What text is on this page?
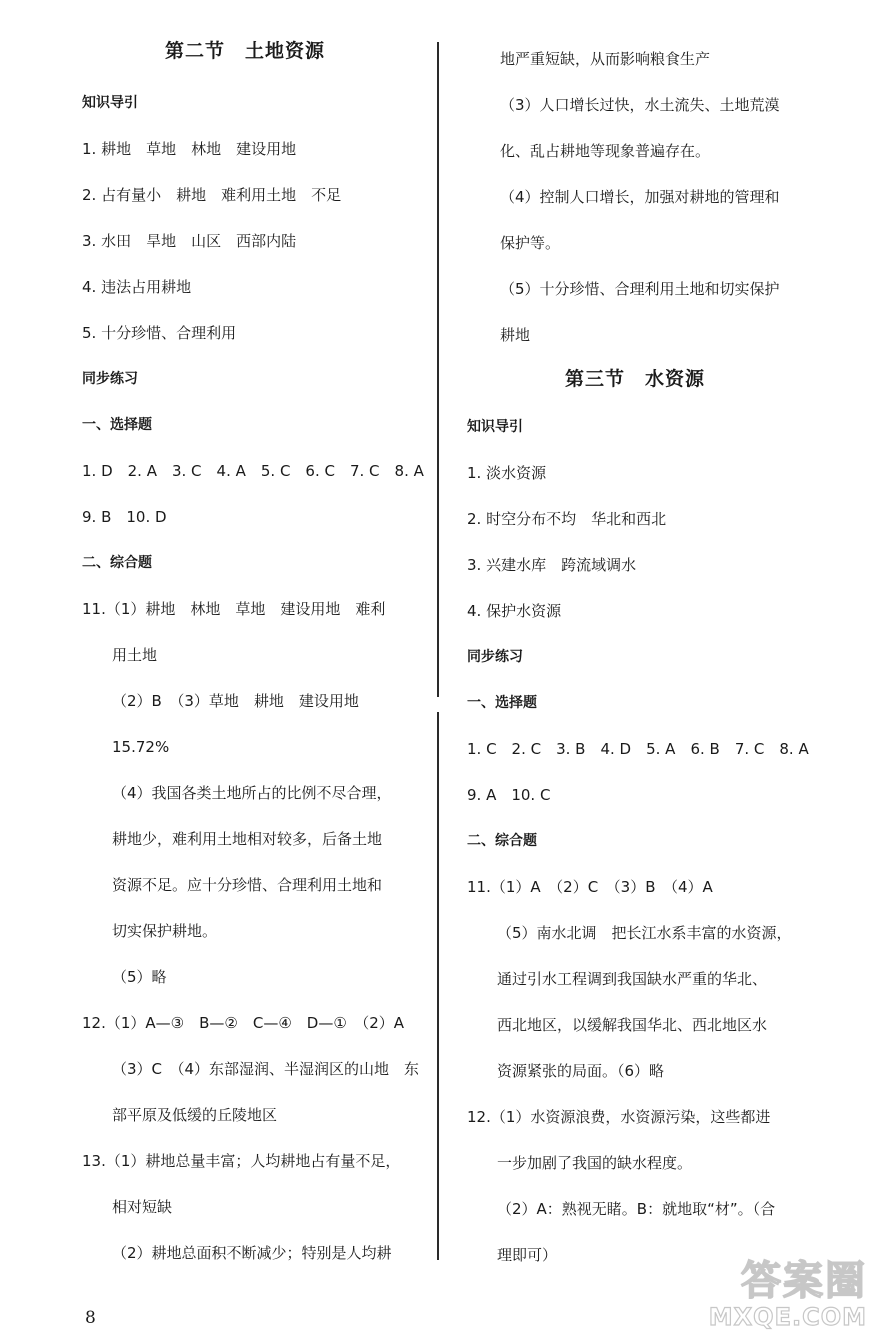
第二节　土地资源
知识导引
1. 耕地　草地　林地　建设用地
2. 占有量小　耕地　难利用土地　不足
3. 水田　旱地　山区　西部内陆
4. 违法占用耕地
5. 十分珍惜、合理利用
同步练习
一、选择题
1. D　2. A　3. C　4. A　5. C　6. C　7. C　8. A
9. B　10. D
二、综合题
11.（1）耕地　林地　草地　建设用地　难利
用土地
（2）B　（3）草地　耕地　建设用地
15.72%
（4）我国各类土地所占的比例不尽合理，
耕地少，难利用土地相对较多，后备土地
资源不足。应十分珍惜、合理利用土地和
切实保护耕地。
（5）略
12.（1）A—③　B—②　C—④　D—①　（2）A
（3）C　（4）东部湿润、半湿润区的山地　东
部平原及低缓的丘陵地区
13.（1）耕地总量丰富；人均耕地占有量不足，
相对短缺
（2）耕地总面积不断减少；特别是人均耕
地严重短缺，从而影响粮食生产
（3）人口增长过快，水土流失、土地荒漠
化、乱占耕地等现象普遍存在。
（4）控制人口增长，加强对耕地的管理和
保护等。
（5）十分珍惜、合理利用土地和切实保护
耕地
第三节　水资源
知识导引
1. 淡水资源
2. 时空分布不均　华北和西北
3. 兴建水库　跨流域调水
4. 保护水资源
同步练习
一、选择题
1. C　2. C　3. B　4. D　5. A　6. B　7. C　8. A
9. A　10. C
二、综合题
11.（1）A　（2）C　（3）B　（4）A
（5）南水北调　把长江水系丰富的水资源，
通过引水工程调到我国缺水严重的华北、
西北地区，以缓解我国华北、西北地区水
资源紧张的局面。（6）略
12.（1）水资源浪费，水资源污染，这些都进
一步加剧了我国的缺水程度。
（2）A：熟视无睹。B：就地取“材”。（合
理即可）
8
答案圈
MXQE.COM
